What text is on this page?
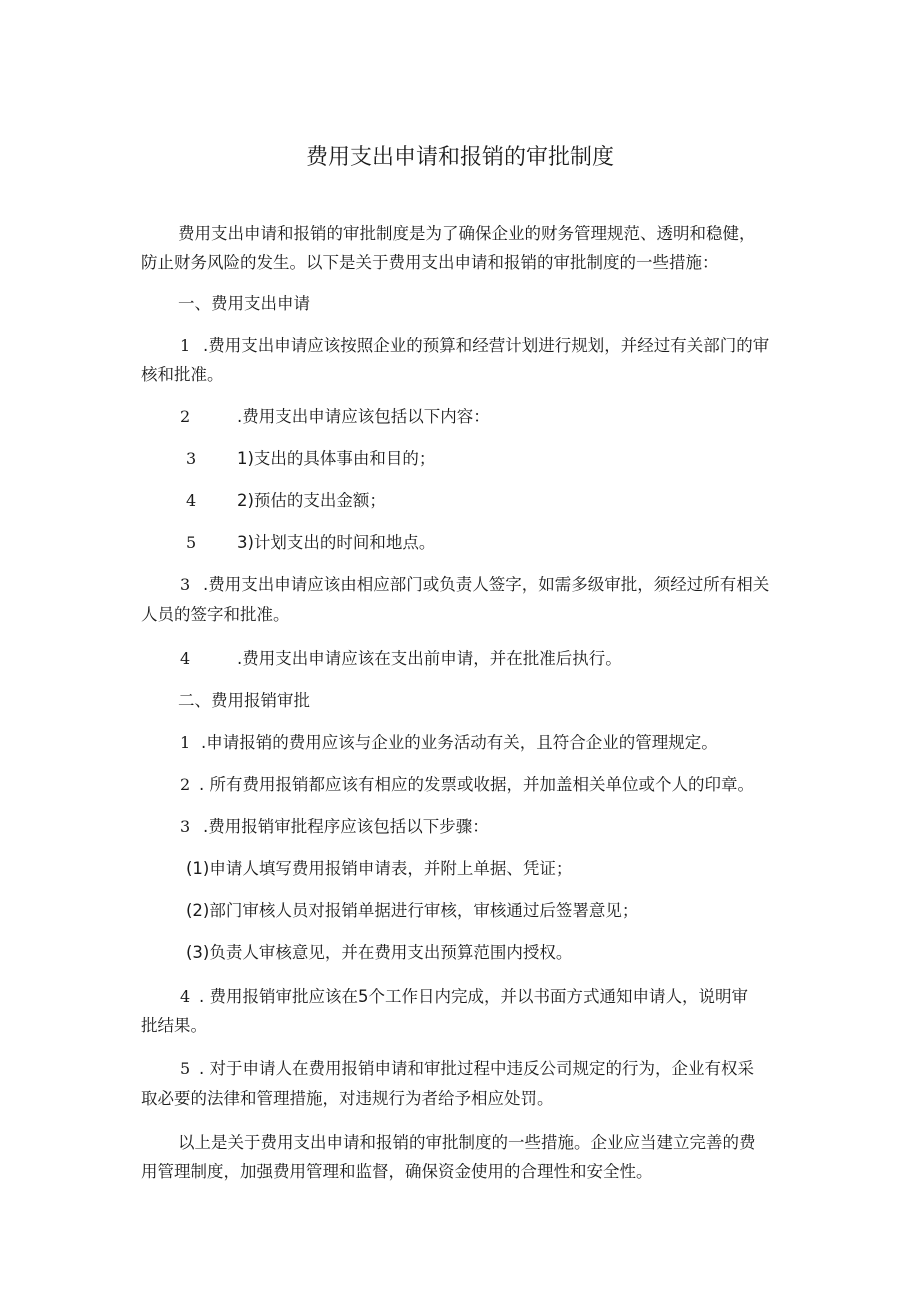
费用支出申请和报销的审批制度
费用支出申请和报销的审批制度是为了确保企业的财务管理规范、透明和稳健，
防止财务风险的发生。以下是关于费用支出申请和报销的审批制度的一些措施：
一、费用支出申请
1 .费用支出申请应该按照企业的预算和经营计划进行规划，并经过有关部门的审
核和批准。
2	.费用支出申请应该包括以下内容：
3 1)支出的具体事由和目的；
4 2)预估的支出金额；
5 3)计划支出的时间和地点。
3 .费用支出申请应该由相应部门或负责人签字，如需多级审批，须经过所有相关
人员的签字和批准。
4	.费用支出申请应该在支出前申请，并在批准后执行。
二、费用报销审批
1 .申请报销的费用应该与企业的业务活动有关，且符合企业的管理规定。
2 . 所有费用报销都应该有相应的发票或收据，并加盖相关单位或个人的印章。
3 .费用报销审批程序应该包括以下步骤：
(1)申请人填写费用报销申请表，并附上单据、凭证；
(2)部门审核人员对报销单据进行审核，审核通过后签署意见；
(3)负责人审核意见，并在费用支出预算范围内授权。
4 . 费用报销审批应该在5个工作日内完成，并以书面方式通知申请人，说明审
批结果。
5 . 对于申请人在费用报销申请和审批过程中违反公司规定的行为，企业有权采
取必要的法律和管理措施，对违规行为者给予相应处罚。
以上是关于费用支出申请和报销的审批制度的一些措施。企业应当建立完善的费
用管理制度，加强费用管理和监督，确保资金使用的合理性和安全性。
